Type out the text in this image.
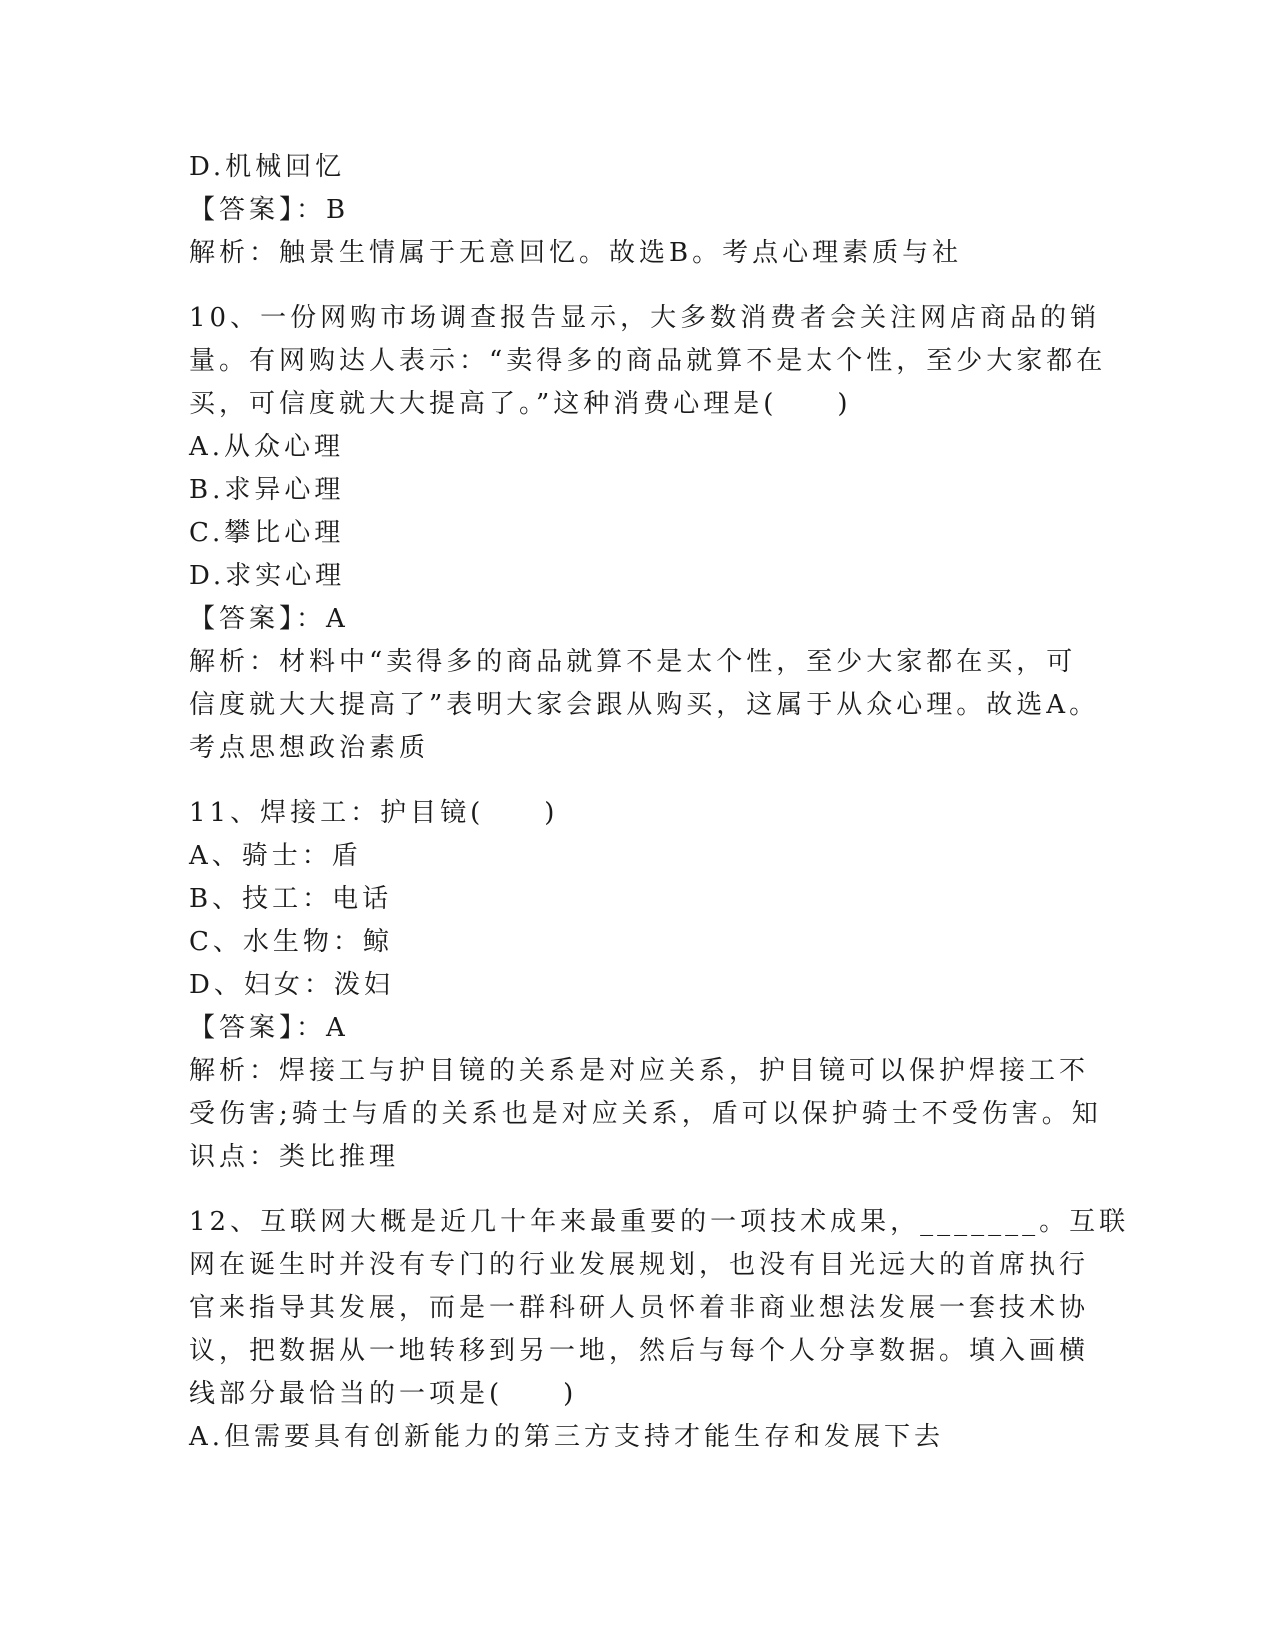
D.机械回忆
【答案】：B
解析：触景生情属于无意回忆。故选B。考点心理素质与社
10、一份网购市场调查报告显示，大多数消费者会关注网店商品的销
量。有网购达人表示：“卖得多的商品就算不是太个性，至少大家都在
买，可信度就大大提高了。”这种消费心理是(　　)
A.从众心理
B.求异心理
C.攀比心理
D.求实心理
【答案】：A
解析：材料中“卖得多的商品就算不是太个性，至少大家都在买，可
信度就大大提高了”表明大家会跟从购买，这属于从众心理。故选A。
考点思想政治素质
11、焊接工：护目镜(　　)
A、骑士：盾
B、技工：电话
C、水生物：鲸
D、妇女：泼妇
【答案】：A
解析：焊接工与护目镜的关系是对应关系，护目镜可以保护焊接工不
受伤害;骑士与盾的关系也是对应关系，盾可以保护骑士不受伤害。知
识点：类比推理
12、互联网大概是近几十年来最重要的一项技术成果，_______。互联
网在诞生时并没有专门的行业发展规划，也没有目光远大的首席执行
官来指导其发展，而是一群科研人员怀着非商业想法发展一套技术协
议，把数据从一地转移到另一地，然后与每个人分享数据。填入画横
线部分最恰当的一项是(　　)
A.但需要具有创新能力的第三方支持才能生存和发展下去
